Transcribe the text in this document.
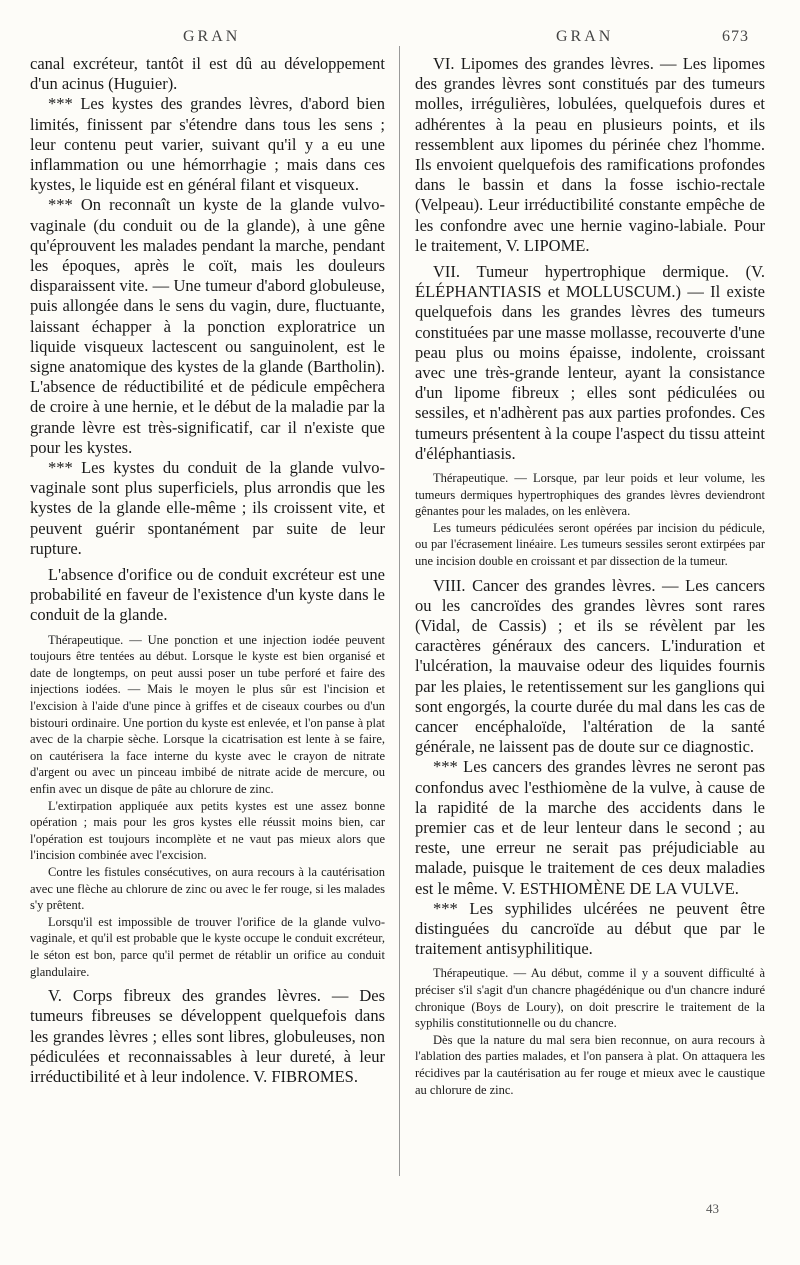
GRAN	GRAN	673

canal excréteur, tantôt il est dû au développement d'un acinus (Huguier).

*** Les kystes des grandes lèvres, d'abord bien limités, finissent par s'étendre dans tous les sens ; leur contenu peut varier, suivant qu'il y a eu une inflammation ou une hémorrhagie ; mais dans ces kystes, le liquide est en général filant et visqueux.

*** On reconnaît un kyste de la glande vulvo-vaginale (du conduit ou de la glande), à une gêne qu'éprouvent les malades pendant la marche, pendant les époques, après le coït, mais les douleurs disparaissent vite. — Une tumeur d'abord globuleuse, puis allongée dans le sens du vagin, dure, fluctuante, laissant échapper à la ponction exploratrice un liquide visqueux lactescent ou sanguinolent, est le signe anatomique des kystes de la glande (Bartholin). L'absence de réductibilité et de pédicule empêchera de croire à une hernie, et le début de la maladie par la grande lèvre est très-significatif, car il n'existe que pour les kystes.

*** Les kystes du conduit de la glande vulvo-vaginale sont plus superficiels, plus arrondis que les kystes de la glande elle-même ; ils croissent vite, et peuvent guérir spontanément par suite de leur rupture.

L'absence d'orifice ou de conduit excréteur est une probabilité en faveur de l'existence d'un kyste dans le conduit de la glande.

Thérapeutique. — Une ponction et une injection iodée peuvent toujours être tentées au début. Lorsque le kyste est bien organisé et date de longtemps, on peut aussi poser un tube perforé et faire des injections iodées. — Mais le moyen le plus sûr est l'incision et l'excision à l'aide d'une pince à griffes et de ciseaux courbes ou d'un bistouri ordinaire. Une portion du kyste est enlevée, et l'on panse à plat avec de la charpie sèche. Lorsque la cicatrisation est lente à se faire, on cautérisera la face interne du kyste avec le crayon de nitrate d'argent ou avec un pinceau imbibé de nitrate acide de mercure, ou enfin avec un disque de pâte au chlorure de zinc.

L'extirpation appliquée aux petits kystes est une assez bonne opération ; mais pour les gros kystes elle réussit moins bien, car l'opération est toujours incomplète et ne vaut pas mieux alors que l'incision combinée avec l'excision.

Contre les fistules consécutives, on aura recours à la cautérisation avec une flèche au chlorure de zinc ou avec le fer rouge, si les malades s'y prêtent.

Lorsqu'il est impossible de trouver l'orifice de la glande vulvo-vaginale, et qu'il est probable que le kyste occupe le conduit excréteur, le séton est bon, parce qu'il permet de rétablir un orifice au conduit glandulaire.

V. Corps fibreux des grandes lèvres. — Des tumeurs fibreuses se développent quelquefois dans les grandes lèvres ; elles sont libres, globuleuses, non pédiculées et reconnaissables à leur dureté, à leur irréductibilité et à leur indolence. V. FIBROMES.

VI. Lipomes des grandes lèvres. — Les lipomes des grandes lèvres sont constitués par des tumeurs molles, irrégulières, lobulées, quelquefois dures et adhérentes à la peau en plusieurs points, et ils ressemblent aux lipomes du périnée chez l'homme. Ils envoient quelquefois des ramifications profondes dans le bassin et dans la fosse ischio-rectale (Velpeau). Leur irréductibilité constante empêche de les confondre avec une hernie vagino-labiale. Pour le traitement, V. LIPOME.

VII. Tumeur hypertrophique dermique. (V. ÉLÉPHANTIASIS et MOLLUSCUM.) — Il existe quelquefois dans les grandes lèvres des tumeurs constituées par une masse mollasse, recouverte d'une peau plus ou moins épaisse, indolente, croissant avec une très-grande lenteur, ayant la consistance d'un lipome fibreux ; elles sont pédiculées ou sessiles, et n'adhèrent pas aux parties profondes. Ces tumeurs présentent à la coupe l'aspect du tissu atteint d'éléphantiasis.

Thérapeutique. — Lorsque, par leur poids et leur volume, les tumeurs dermiques hypertrophiques des grandes lèvres deviendront gênantes pour les malades, on les enlèvera.

Les tumeurs pédiculées seront opérées par incision du pédicule, ou par l'écrasement linéaire. Les tumeurs sessiles seront extirpées par une incision double en croissant et par dissection de la tumeur.

VIII. Cancer des grandes lèvres. — Les cancers ou les cancroïdes des grandes lèvres sont rares (Vidal, de Cassis) ; et ils se révèlent par les caractères généraux des cancers. L'induration et l'ulcération, la mauvaise odeur des liquides fournis par les plaies, le retentissement sur les ganglions qui sont engorgés, la courte durée du mal dans les cas de cancer encéphaloïde, l'altération de la santé générale, ne laissent pas de doute sur ce diagnostic.

*** Les cancers des grandes lèvres ne seront pas confondus avec l'esthiomène de la vulve, à cause de la rapidité de la marche des accidents dans le premier cas et de leur lenteur dans le second ; au reste, une erreur ne serait pas préjudiciable au malade, puisque le traitement de ces deux maladies est le même. V. ESTHIOMÈNE DE LA VULVE.

*** Les syphilides ulcérées ne peuvent être distinguées du cancroïde au début que par le traitement antisyphilitique.

Thérapeutique. — Au début, comme il y a souvent difficulté à préciser s'il s'agit d'un chancre phagédénique ou d'un chancre induré chronique (Boys de Loury), on doit prescrire le traitement de la syphilis constitutionnelle ou du chancre.

Dès que la nature du mal sera bien reconnue, on aura recours à l'ablation des parties malades, et l'on pansera à plat. On attaquera les récidives par la cautérisation au fer rouge et mieux avec le caustique au chlorure de zinc.

43
